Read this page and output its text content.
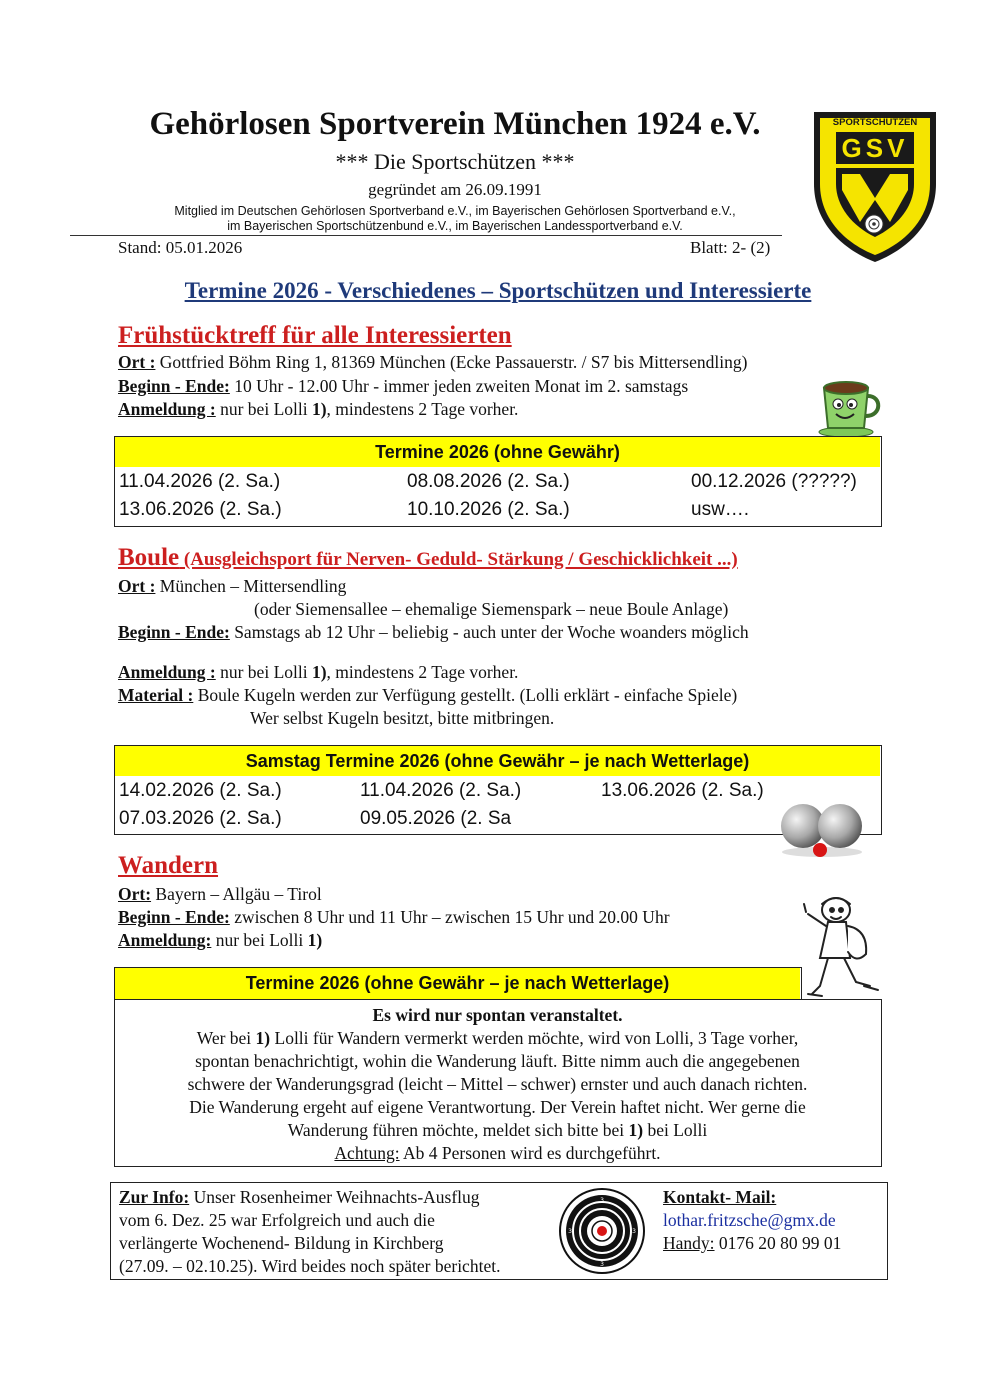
Gehörlosen Sportverein München 1924 e.V.
*** Die Sportschützen ***
gegründet am 26.09.1991
Mitglied im Deutschen Gehörlosen Sportverband e.V., im Bayerischen Gehörlosen Sportverband e.V.,
im Bayerischen Sportschützenbund e.V., im Bayerischen Landessportverband e.V.
Stand: 05.01.2026	Blatt: 2- (2)
SPORTSCHÜTZEN
GSV
Termine 2026 - Verschiedenes – Sportschützen und Interessierte
Frühstücktreff für alle Interessierten
Ort : Gottfried Böhm Ring 1, 81369 München (Ecke Passauerstr. / S7 bis Mittersendling)
Beginn - Ende: 10 Uhr - 12.00 Uhr - immer jeden zweiten Monat im 2. samstags
Anmeldung : nur bei Lolli 1), mindestens 2 Tage vorher.
Termine 2026 (ohne Gewähr)
11.04.2026 (2. Sa.)	08.08.2026 (2. Sa.)	00.12.2026 (?????)
13.06.2026 (2. Sa.)	10.10.2026 (2. Sa.)	usw….
Boule (Ausgleichsport für Nerven- Geduld- Stärkung / Geschicklichkeit ...)
Ort : München – Mittersendling
(oder Siemensallee – ehemalige Siemenspark – neue Boule Anlage)
Beginn - Ende: Samstags ab 12 Uhr – beliebig - auch unter der Woche woanders möglich
Anmeldung : nur bei Lolli 1), mindestens 2 Tage vorher.
Material : Boule Kugeln werden zur Verfügung gestellt. (Lolli erklärt - einfache Spiele)
Wer selbst Kugeln besitzt, bitte mitbringen.
Samstag Termine 2026 (ohne Gewähr – je nach Wetterlage)
14.02.2026 (2. Sa.)	11.04.2026 (2. Sa.)	13.06.2026 (2. Sa.)
07.03.2026 (2. Sa.)	09.05.2026 (2. Sa
Wandern
Ort: Bayern – Allgäu – Tirol
Beginn - Ende: zwischen 8 Uhr und 11 Uhr – zwischen 15 Uhr und 20.00 Uhr
Anmeldung: nur bei Lolli 1)
Termine 2026 (ohne Gewähr – je nach Wetterlage)
Es wird nur spontan veranstaltet.
Wer bei 1) Lolli für Wandern vermerkt werden möchte, wird von Lolli, 3 Tage vorher,
spontan benachrichtigt, wohin die Wanderung läuft. Bitte nimm auch die angegebenen
schwere der Wanderungsgrad (leicht – Mittel – schwer) ernster und auch danach richten.
Die Wanderung ergeht auf eigene Verantwortung. Der Verein haftet nicht. Wer gerne die
Wanderung führen möchte, meldet sich bitte bei 1) bei Lolli
Achtung: Ab 4 Personen wird es durchgeführt.
Zur Info: Unser Rosenheimer Weihnachts-Ausflug
vom 6. Dez. 25 war Erfolgreich und auch die
verlängerte Wochenend- Bildung in Kirchberg
(27.09. – 02.10.25). Wird beides noch später berichtet.
3
3
3	3
Kontakt- Mail:
lothar.fritzsche@gmx.de
Handy: 0176 20 80 99 01
